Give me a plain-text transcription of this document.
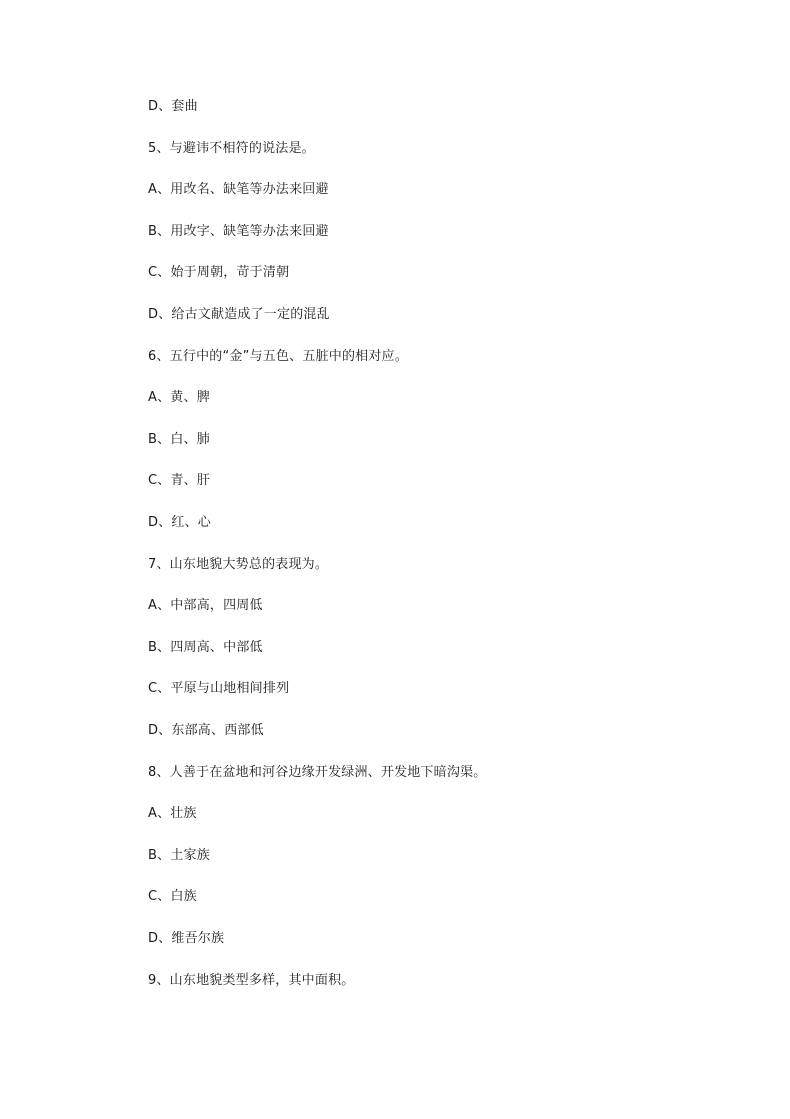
D、套曲
5、与避讳不相符的说法是。
A、用改名、缺笔等办法来回避
B、用改字、缺笔等办法来回避
C、始于周朝，苛于清朝
D、给古文献造成了一定的混乱
6、五行中的“金”与五色、五脏中的相对应。
A、黄、脾
B、白、肺
C、青、肝
D、红、心
7、山东地貌大势总的表现为。
A、中部高，四周低
B、四周高、中部低
C、平原与山地相间排列
D、东部高、西部低
8、人善于在盆地和河谷边缘开发绿洲、开发地下暗沟渠。
A、壮族
B、土家族
C、白族
D、维吾尔族
9、山东地貌类型多样，其中面积。
